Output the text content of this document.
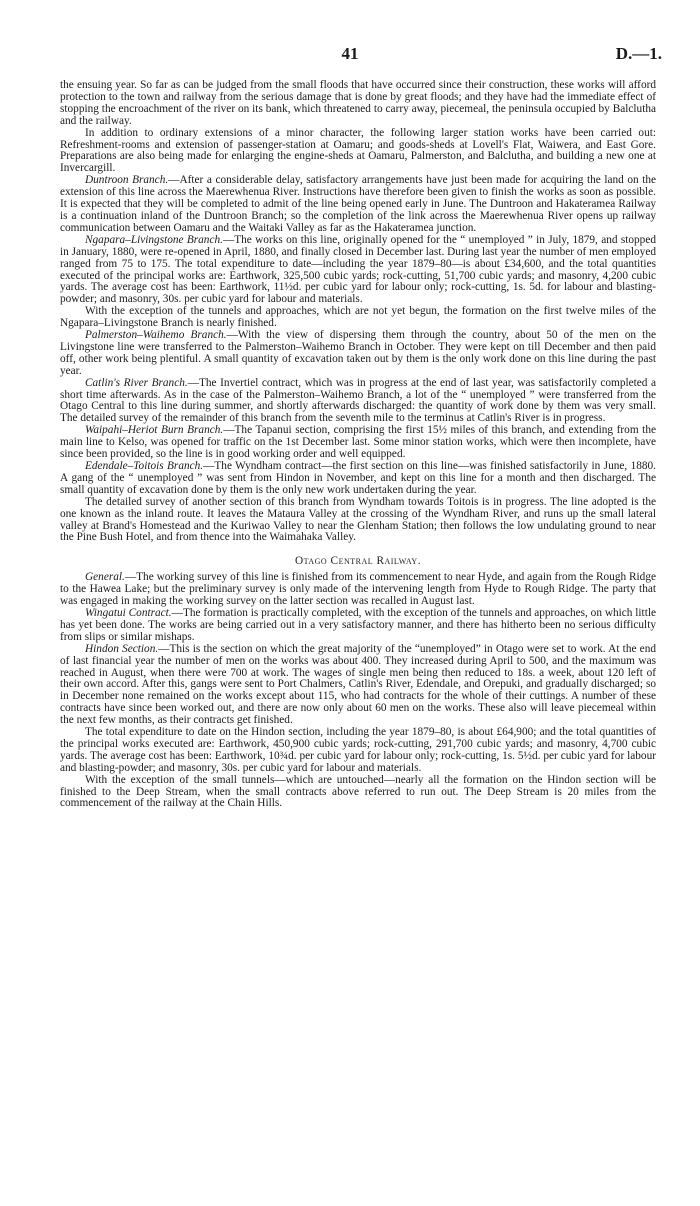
41	D.—1.

the ensuing year. So far as can be judged from the small floods that have occurred since their construction, these works will afford protection to the town and railway from the serious damage that is done by great floods; and they have had the immediate effect of stopping the encroachment of the river on its bank, which threatened to carry away, piecemeal, the peninsula occupied by Balclutha and the railway.

In addition to ordinary extensions of a minor character, the following larger station works have been carried out: Refreshment-rooms and extension of passenger-station at Oamaru; and goods-sheds at Lovell's Flat, Waiwera, and East Gore. Preparations are also being made for enlarging the engine-sheds at Oamaru, Palmerston, and Balclutha, and building a new one at Invercargill.

Duntroon Branch.—After a considerable delay, satisfactory arrangements have just been made for acquiring the land on the extension of this line across the Maerewhenua River. Instructions have therefore been given to finish the works as soon as possible. It is expected that they will be completed to admit of the line being opened early in June. The Duntroon and Hakateramea Railway is a continuation inland of the Duntroon Branch; so the completion of the link across the Maerewhenua River opens up railway communication between Oamaru and the Waitaki Valley as far as the Hakateramea junction.

Ngapara–Livingstone Branch.—The works on this line, originally opened for the “ unemployed ” in July, 1879, and stopped in January, 1880, were re-opened in April, 1880, and finally closed in December last. During last year the number of men employed ranged from 75 to 175. The total expenditure to date—including the year 1879–80—is about £34,600, and the total quantities executed of the principal works are: Earthwork, 325,500 cubic yards; rock-cutting, 51,700 cubic yards; and masonry, 4,200 cubic yards. The average cost has been: Earthwork, 11½d. per cubic yard for labour only; rock-cutting, 1s. 5d. for labour and blasting-powder; and masonry, 30s. per cubic yard for labour and materials.

With the exception of the tunnels and approaches, which are not yet begun, the formation on the first twelve miles of the Ngapara–Livingstone Branch is nearly finished.

Palmerston–Waihemo Branch.—With the view of dispersing them through the country, about 50 of the men on the Livingstone line were transferred to the Palmerston–Waihemo Branch in October. They were kept on till December and then paid off, other work being plentiful. A small quantity of excavation taken out by them is the only work done on this line during the past year.

Catlin's River Branch.—The Invertiel contract, which was in progress at the end of last year, was satisfactorily completed a short time afterwards. As in the case of the Palmerston–Waihemo Branch, a lot of the “ unemployed ” were transferred from the Otago Central to this line during summer, and shortly afterwards discharged: the quantity of work done by them was very small. The detailed survey of the remainder of this branch from the seventh mile to the terminus at Catlin's River is in progress.

Waipahi–Heriot Burn Branch.—The Tapanui section, comprising the first 15½ miles of this branch, and extending from the main line to Kelso, was opened for traffic on the 1st December last. Some minor station works, which were then incomplete, have since been provided, so the line is in good working order and well equipped.

Edendale–Toitois Branch.—The Wyndham contract—the first section on this line—was finished satisfactorily in June, 1880. A gang of the “ unemployed ” was sent from Hindon in November, and kept on this line for a month and then discharged. The small quantity of excavation done by them is the only new work undertaken during the year.

The detailed survey of another section of this branch from Wyndham towards Toitois is in progress. The line adopted is the one known as the inland route. It leaves the Mataura Valley at the crossing of the Wyndham River, and runs up the small lateral valley at Brand's Homestead and the Kuriwao Valley to near the Glenham Station; then follows the low undulating ground to near the Pine Bush Hotel, and from thence into the Waimahaka Valley.

Otago Central Railway.

General.—The working survey of this line is finished from its commencement to near Hyde, and again from the Rough Ridge to the Hawea Lake; but the preliminary survey is only made of the intervening length from Hyde to Rough Ridge. The party that was engaged in making the working survey on the latter section was recalled in August last.

Wingatui Contract.—The formation is practically completed, with the exception of the tunnels and approaches, on which little has yet been done. The works are being carried out in a very satisfactory manner, and there has hitherto been no serious difficulty from slips or similar mishaps.

Hindon Section.—This is the section on which the great majority of the “unemployed” in Otago were set to work. At the end of last financial year the number of men on the works was about 400. They increased during April to 500, and the maximum was reached in August, when there were 700 at work. The wages of single men being then reduced to 18s. a week, about 120 left of their own accord. After this, gangs were sent to Port Chalmers, Catlin's River, Edendale, and Orepuki, and gradually discharged; so in December none remained on the works except about 115, who had contracts for the whole of their cuttings. A number of these contracts have since been worked out, and there are now only about 60 men on the works. These also will leave piecemeal within the next few months, as their contracts get finished.

The total expenditure to date on the Hindon section, including the year 1879–80, is about £64,900; and the total quantities of the principal works executed are: Earthwork, 450,900 cubic yards; rock-cutting, 291,700 cubic yards; and masonry, 4,700 cubic yards. The average cost has been: Earthwork, 10¾d. per cubic yard for labour only; rock-cutting, 1s. 5½d. per cubic yard for labour and blasting-powder; and masonry, 30s. per cubic yard for labour and materials.

With the exception of the small tunnels—which are untouched—nearly all the formation on the Hindon section will be finished to the Deep Stream, when the small contracts above referred to run out. The Deep Stream is 20 miles from the commencement of the railway at the Chain Hills.
